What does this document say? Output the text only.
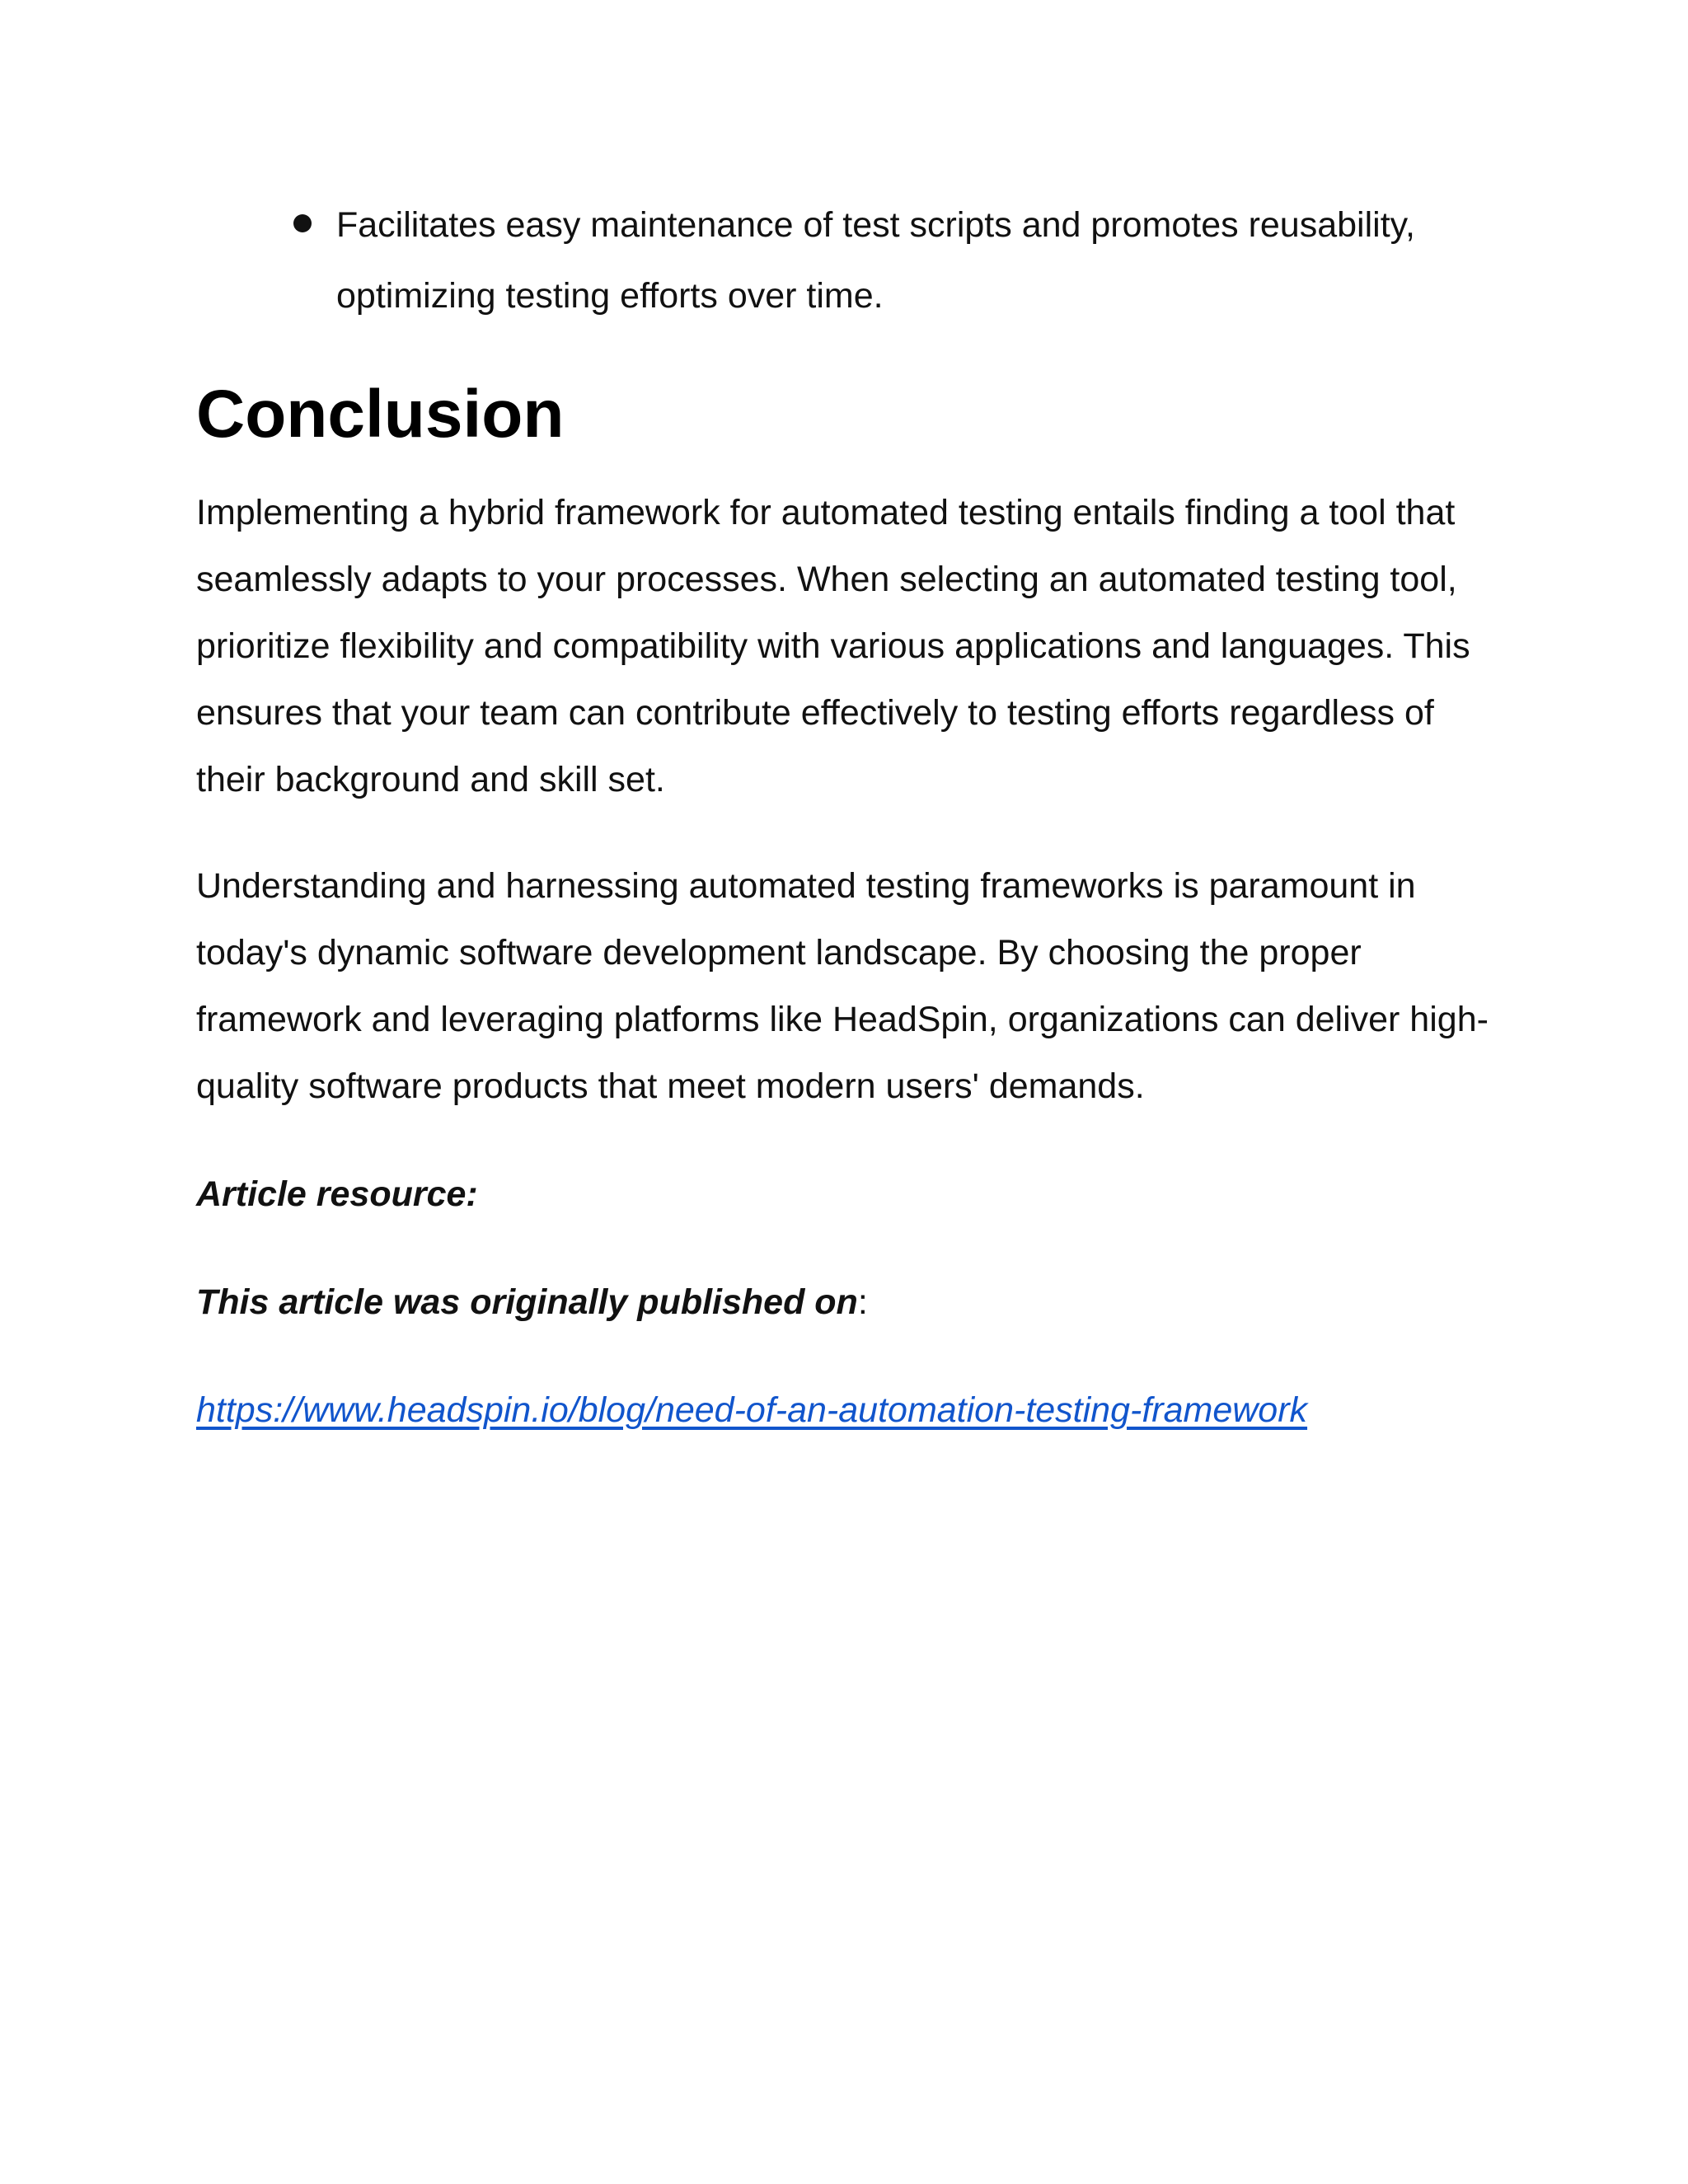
Facilitates easy maintenance of test scripts and promotes reusability, optimizing testing efforts over time.
Conclusion

Implementing a hybrid framework for automated testing entails finding a tool that seamlessly adapts to your processes. When selecting an automated testing tool, prioritize flexibility and compatibility with various applications and languages. This ensures that your team can contribute effectively to testing efforts regardless of their background and skill set.

Understanding and harnessing automated testing frameworks is paramount in today's dynamic software development landscape. By choosing the proper framework and leveraging platforms like HeadSpin, organizations can deliver high-quality software products that meet modern users' demands.

Article resource:

This article was originally published on:

https://www.headspin.io/blog/need-of-an-automation-testing-framework
